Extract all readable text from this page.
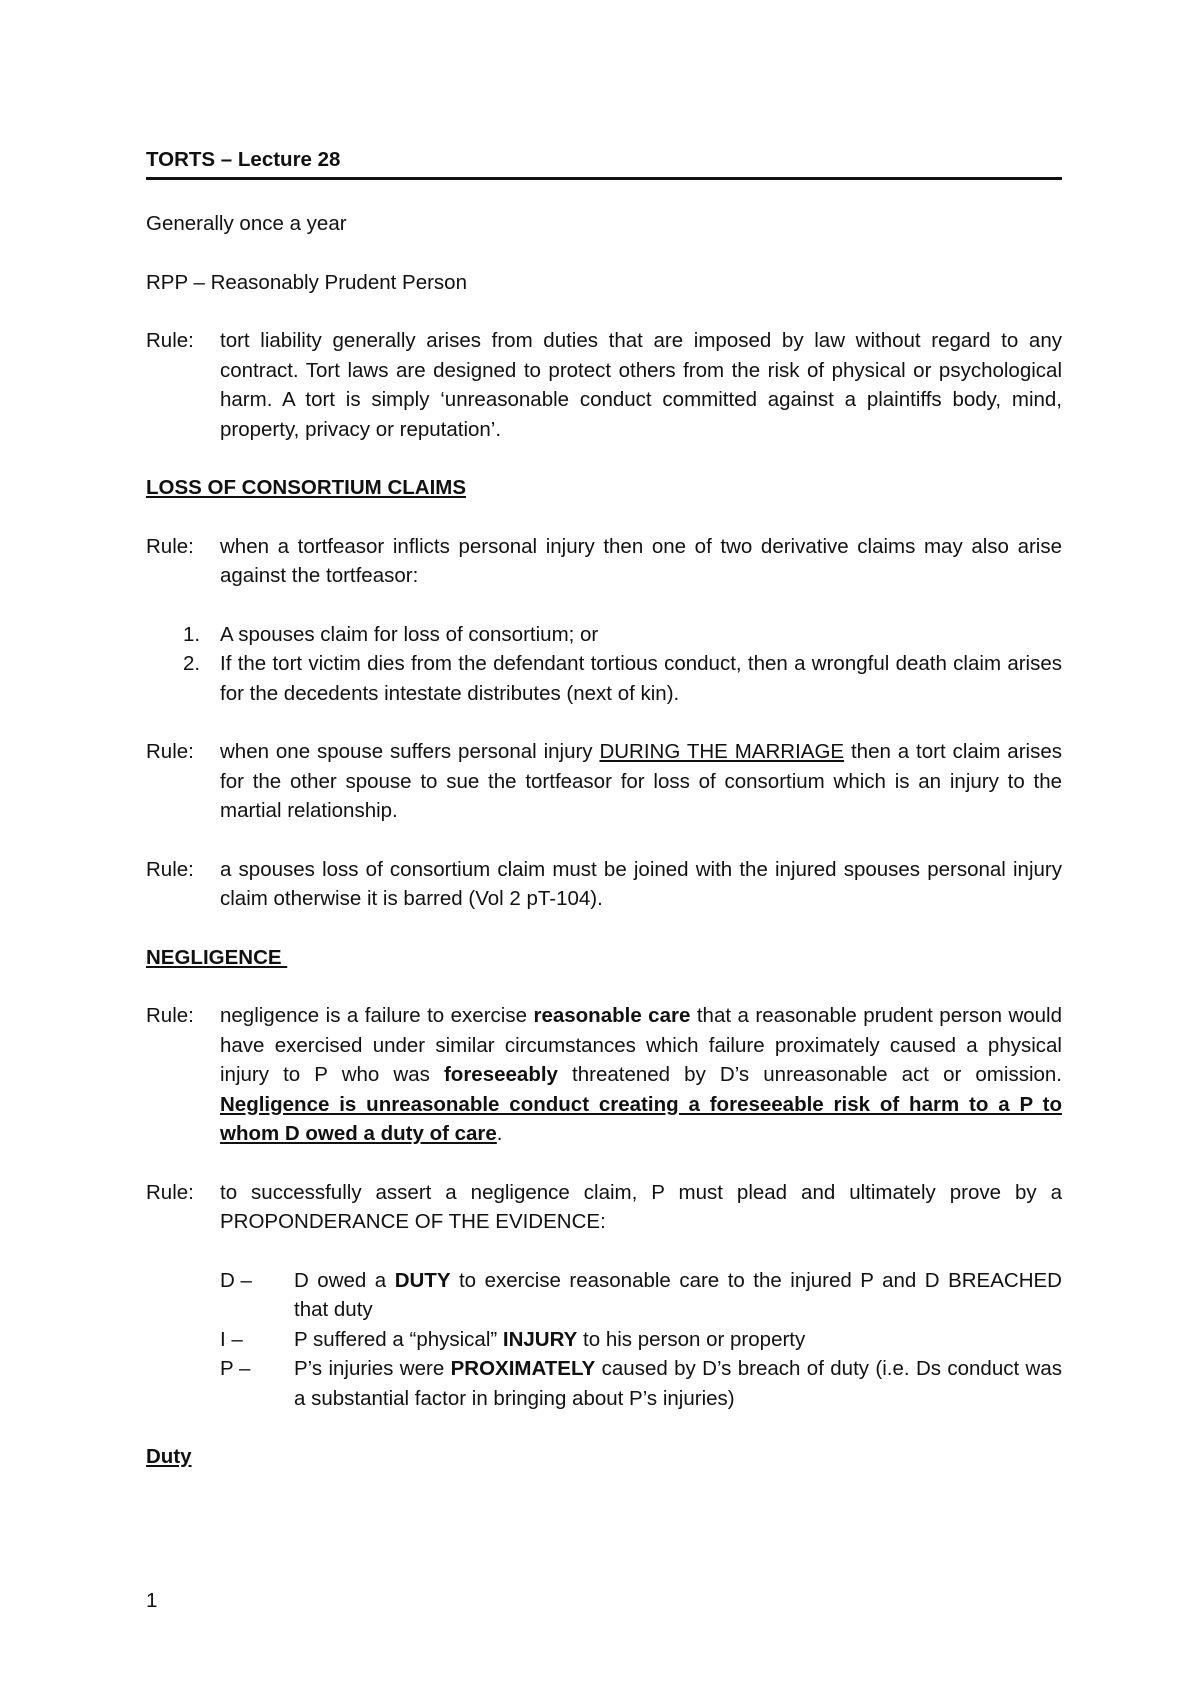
TORTS – Lecture 28

Generally once a year

RPP – Reasonably Prudent Person

Rule:	tort liability generally arises from duties that are imposed by law without regard to any contract. Tort laws are designed to protect others from the risk of physical or psychological harm. A tort is simply ‘unreasonable conduct committed against a plaintiffs body, mind, property, privacy or reputation’.

LOSS OF CONSORTIUM CLAIMS

Rule:	when a tortfeasor inflicts personal injury then one of two derivative claims may also arise against the tortfeasor:
1. A spouses claim for loss of consortium; or
2. If the tort victim dies from the defendant tortious conduct, then a wrongful death claim arises for the decedents intestate distributes (next of kin).
Rule:	when one spouse suffers personal injury DURING THE MARRIAGE then a tort claim arises for the other spouse to sue the tortfeasor for loss of consortium which is an injury to the martial relationship.
Rule:	a spouses loss of consortium claim must be joined with the injured spouses personal injury claim otherwise it is barred (Vol 2 pT-104).

NEGLIGENCE

Rule:	negligence is a failure to exercise reasonable care that a reasonable prudent person would have exercised under similar circumstances which failure proximately caused a physical injury to P who was foreseeably threatened by D’s unreasonable act or omission. Negligence is unreasonable conduct creating a foreseeable risk of harm to a P to whom D owed a duty of care.
Rule:	to successfully assert a negligence claim, P must plead and ultimately prove by a PROPONDERANCE OF THE EVIDENCE:
D –	D owed a DUTY to exercise reasonable care to the injured P and D BREACHED that duty
I –	P suffered a “physical” INJURY to his person or property
P –	P’s injuries were PROXIMATELY caused by D’s breach of duty (i.e. Ds conduct was a substantial factor in bringing about P’s injuries)

Duty

1
